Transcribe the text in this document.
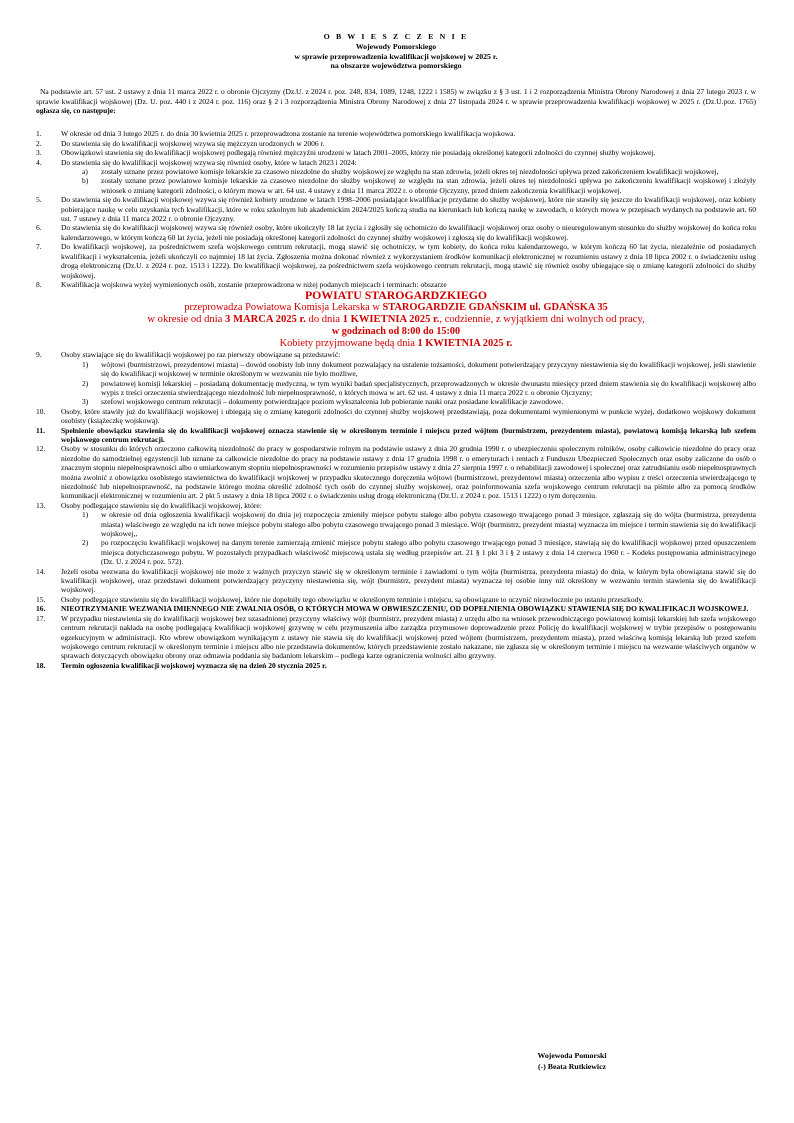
O B W I E S Z C Z E N I E
Wojewody Pomorskiego
w sprawie przeprowadzenia kwalifikacji wojskowej w 2025 r.
na obszarze województwa pomorskiego
Na podstawie art. 57 ust. 2 ustawy z dnia 11 marca 2022 r. o obronie Ojczyzny (Dz.U. z 2024 r. poz. 248, 834, 1089, 1248, 1222 i 1585) w związku z § 3 ust. 1 i 2 rozporządzenia Ministra Obrony Narodowej z dnia 27 lutego 2023 r. w sprawie kwalifikacji wojskowej (Dz. U. poz. 440 i z 2024 r. poz. 116) oraz § 2 i 3 rozporządzenia Ministra Obrony Narodowej z dnia 27 listopada 2024 r. w sprawie przeprowadzenia kwalifikacji wojskowej w 2025 r. (Dz.U.poz. 1765) ogłasza się, co następuje:
1.	W okresie od dnia 3 lutego 2025 r. do dnia 30 kwietnia 2025 r. przeprowadzona zostanie na terenie województwa pomorskiego kwalifikacja wojskowa.
2.	Do stawienia się do kwalifikacji wojskowej wzywa się mężczyzn urodzonych w 2006 r.
3.	Obowiązkowi stawienia się do kwalifikacji wojskowej podlegają również mężczyźni urodzeni w latach 2001–2005, którzy nie posiadają określonej kategorii zdolności do czynnej służby wojskowej.
4.	Do stawienia się do kwalifikacji wojskowej wzywa się również osoby, które w latach 2023 i 2024:
a) zostały uznane przez powiatowe komisje lekarskie za czasowo niezdolne do służby wojskowej ze względu na stan zdrowia, jeżeli okres tej niezdolności upływa przed zakończeniem kwalifikacji wojskowej,
b) zostały uznane przez powiatowe komisje lekarskie za czasowo niezdolne do służby wojskowej ze względu na stan zdrowia, jeżeli okres tej niezdolności upływa po zakończeniu kwalifikacji wojskowej i złożyły wniosek o zmianę kategorii zdolności, o którym mowa w art. 64 ust. 4 ustawy z dnia 11 marca 2022 r. o obronie Ojczyzny, przed dniem zakończenia kwalifikacji wojskowej.
5.	Do stawienia się do kwalifikacji wojskowej wzywa się również kobiety urodzone w latach 1998–2006 posiadające kwalifikacje przydatne do służby wojskowej, które nie stawiły się jeszcze do kwalifikacji wojskowej, oraz kobiety pobierające naukę w celu uzyskania tych kwalifikacji, które w roku szkolnym lub akademickim 2024/2025 kończą studia na kierunkach lub kończą naukę w zawodach, o których mowa w przepisach wydanych na podstawie art. 60 ust. 7 ustawy z dnia 11 marca 2022 r. o obronie Ojczyzny.
6.	Do stawienia się do kwalifikacji wojskowej wzywa się również osoby, które ukończyły 18 lat życia i zgłosiły się ochotniczo do kwalifikacji wojskowej oraz osoby o nieuregulowanym stosunku do służby wojskowej do końca roku kalendarzowego, w którym kończą 60 lat życia, jeżeli nie posiadają określonej kategorii zdolności do czynnej służby wojskowej i zgłoszą się do kwalifikacji wojskowej.
7.	Do kwalifikacji wojskowej, za pośrednictwem szefa wojskowego centrum rekrutacji, mogą stawić się ochotniczy, w tym kobiety, do końca roku kalendarzowego, w którym kończą 60 lat życia, niezależnie od posiadanych kwalifikacji i wykształcenia, jeżeli ukończyli co najmniej 18 lat życia. Zgłoszenia można dokonać również z wykorzystaniem środków komunikacji elektronicznej w rozumieniu ustawy z dnia 18 lipca 2002 r. o świadczeniu usług drogą elektroniczną (Dz.U. z 2024 r. poz. 1513 i 1222). Do kwalifikacji wojskowej, za pośrednictwem szefa wojskowego centrum rekrutacji, mogą stawić się również osoby ubiegające się o zmianę kategorii zdolności do służby wojskowej.
8.	Kwalifikacja wojskowa wyżej wymienionych osób, zostanie przeprowadzona w niżej podanych miejscach i terminach: obszarze
POWIATU STAROGARDZKIEGO
przeprowadza Powiatowa Komisja Lekarska w STAROGARDZIE GDAŃSKIM ul. GDAŃSKA 35
w okresie od dnia 3 MARCA 2025 r. do dnia 1 KWIETNIA 2025 r., codziennie, z wyjątkiem dni wolnych od pracy,
w godzinach od 8:00 do 15:00
Kobiety przyjmowane będą dnia 1 KWIETNIA 2025 r.
9.	Osoby stawiające się do kwalifikacji wojskowej po raz pierwszy obowiązane są przedstawić:
1) wójtowi (burmistrzowi, prezydentowi miasta) – dowód osobisty lub inny dokument pozwalający na ustalenie tożsamości, dokument potwierdzający przyczyny niestawienia się do kwalifikacji wojskowej, jeśli stawienie się do kwalifikacji wojskowej w terminie określonym w wezwaniu nie było możliwe,
2) powiatowej komisji lekarskiej – posiadaną dokumentację medyczną, w tym wyniki badań specjalistycznych, przeprowadzonych w okresie dwunastu miesięcy przed dniem stawienia się do kwalifikacji wojskowej albo wypis z treści orzeczenia stwierdzającego niezdolność lub niepełnosprawność, o których mowa w art. 62 ust. 4 ustawy z dnia 11 marca 2022 r. o obronie Ojczyzny;
3) szefowi wojskowego centrum rekrutacji – dokumenty potwierdzające poziom wykształcenia lub pobieranie nauki oraz posiadane kwalifikacje zawodowe.
10. Osoby, które stawiły już do kwalifikacji wojskowej i ubiegają się o zmianę kategorii zdolności do czynnej służby wojskowej przedstawiają, poza dokumentami wymienionymi w punkcie wyżej, dodatkowo wojskowy dokument osobisty (książeczkę wojskową).
11. Spełnienie obowiązku stawienia się do kwalifikacji wojskowej oznacza stawienie się w określonym terminie i miejscu przed wójtem (burmistrzem, prezydentem miasta), powiatową komisją lekarską lub szefem wojskowego centrum rekrutacji.
12. Osoby w stosunku do których orzeczono całkowitą niezdolność do pracy w gospodarstwie rolnym na podstawie ustawy z dnia 20 grudnia 1990 r. o ubezpieczeniu społecznym rolników, osoby całkowicie niezdolne do pracy oraz niezdolne do samodzielnej egzystencji lub uznane za całkowicie niezdolne do pracy na podstawie ustawy z dnia 17 grudnia 1998 r. o emeryturach i rentach z Funduszu Ubezpieczeń Społecznych oraz osoby zaliczone do osób o znacznym stopniu niepełnosprawności albo o umiarkowanym stopniu niepełnosprawności w rozumieniu przepisów ustawy z dnia 27 sierpnia 1997 r. o rehabilitacji zawodowej i społecznej oraz zatrudnianiu osób niepełnosprawnych można zwolnić z obowiązku osobistego stawiennictwa do kwalifikacji wojskowej w przypadku skutecznego doręczenia wójtowi (burmistrzowi, prezydentowi miasta) orzeczenia albo wypisu z treści orzeczenia stwierdzającego tę niezdolność lub niepełnosprawność, na podstawie którego można określić zdolność tych osób do czynnej służby wojskowej, oraz poinformowania szefa wojskowego centrum rekrutacji na piśmie albo za pomocą środków komunikacji elektronicznej w rozumieniu art. 2 pkt 5 ustawy z dnia 18 lipca 2002 r. o świadczeniu usług drogą elektroniczną (Dz.U. z 2024 r. poz. 1513 i 1222) o tym doręczeniu.
13. Osoby podlegające stawieniu się do kwalifikacji wojskowej, które:
1) w okresie od dnia ogłoszenia kwalifikacji wojskowej do dnia jej rozpoczęcia zmieniły miejsce pobytu stałego albo pobytu czasowego trwającego ponad 3 miesiące, zgłaszają się do wójta (burmistrza, prezydenta miasta) właściwego ze względu na ich nowe miejsce pobytu stałego albo pobytu czasowego trwającego ponad 3 miesiące. Wójt (burmistrz, prezydent miasta) wyznacza im miejsce i termin stawienia się do kwalifikacji wojskowej,,
2) po rozpoczęciu kwalifikacji wojskowej na danym terenie zamierzają zmienić miejsce pobytu stałego albo pobytu czasowego trwającego ponad 3 miesiące, stawiają się do kwalifikacji wojskowej przed opuszczeniem miejsca dotychczasowego pobytu. W pozostałych przypadkach właściwość miejscową ustala się według przepisów art. 21 § 1 pkt 3 i § 2 ustawy z dnia 14 czerwca 1960 r. - Kodeks postępowania administracyjnego (Dz. U. z 2024 r. poz. 572).
14. Jeżeli osoba wezwana do kwalifikacji wojskowej nie może z ważnych przyczyn stawić się w określonym terminie i zawiadomi o tym wójta (burmistrza, prezydenta miasta) do dnia, w którym była obowiązana stawić się do kwalifikacji wojskowej, oraz przedstawi dokument potwierdzający przyczyny niestawienia się, wójt (burmistrz, prezydent miasta) wyznacza tej osobie inny niż określony w wezwaniu termin stawienia się do kwalifikacji wojskowej.
15. Osoby podlegające stawieniu się do kwalifikacji wojskowej, które nie dopełniły tego obowiązku w określonym terminie i miejscu, są obowiązane to uczynić niezwłocznie po ustaniu przeszkody.
16. NIEOTRZYMANIE WEZWANIA IMIENNEGO NIE ZWALNIA OSÓB, O KTÓRYCH MOWA W OBWIESZCZENIU, OD DOPEŁNIENIA OBOWIĄZKU STAWIENIA SIĘ DO KWALIFIKACJI WOJSKOWEJ.
17. W przypadku niestawienia się do kwalifikacji wojskowej bez uzasadnionej przyczyny właściwy wójt (burmistrz, prezydent miasta) z urzędu albo na wniosek przewodniczącego powiatowej komisji lekarskiej lub szefa wojskowego centrum rekrutacji nakłada na osobę podlegającą kwalifikacji wojskowej grzywnę w celu przymuszenia albo zarządza przymusowe doprowadzenie przez Policję do kwalifikacji wojskowej w trybie przepisów o postępowaniu egzekucyjnym w administracji. Kto wbrew obowiązkom wynikającym z ustawy nie stawia się do kwalifikacji wojskowej przed wójtem (burmistrzem, prezydentem miasta), przed właściwą komisją lekarską lub przed szefem wojskowego centrum rekrutacji w określonym terminie i miejscu albo nie przedstawia dokumentów, których przedstawienie zostało nakazane, nie zgłasza się w określonym terminie i miejscu na wezwanie właściwych organów w sprawach dotyczących obowiązku obrony oraz odmawia poddania się badaniom lekarskim – podlega karze ograniczenia wolności albo grzywny.
18. Termin ogłoszenia kwalifikacji wojskowej wyznacza się na dzień 20 stycznia 2025 r.
Wojewoda Pomorski
(-) Beata Rutkiewicz
